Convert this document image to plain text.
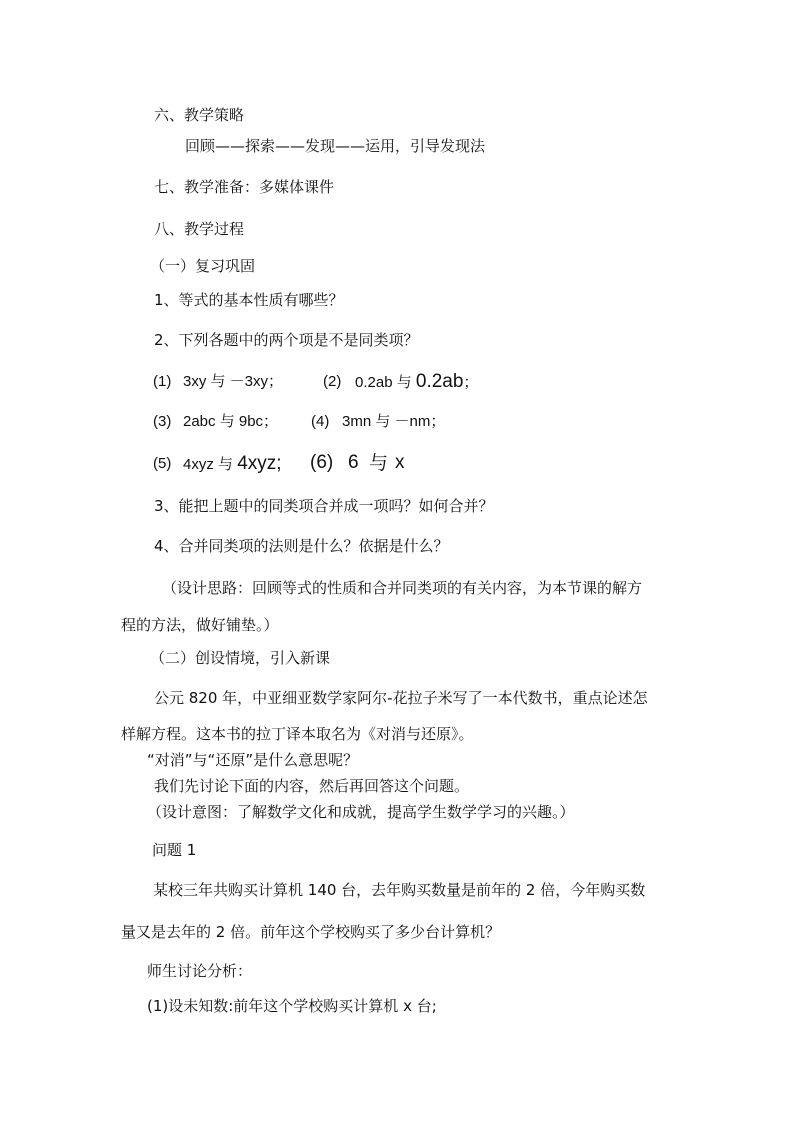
六、教学策略
回顾——探索——发现——运用，引导发现法
七、教学准备：多媒体课件
八、教学过程
（一）复习巩固
1、等式的基本性质有哪些？
2、下列各题中的两个项是不是同类项？
(1) 3xy 与 －3xy；	(2) 0.2ab 与 0.2ab；
(3) 2abc 与 9bc； (4) 3mn 与 －nm；
(5) 4xyz 与 4xyz; (6) 6 与 x
3、能把上题中的同类项合并成一项吗？如何合并？
4、合并同类项的法则是什么？依据是什么？
（设计思路：回顾等式的性质和合并同类项的有关内容，为本节课的解方
程的方法，做好铺垫。）
（二）创设情境，引入新课
公元 820 年，中亚细亚数学家阿尔-花拉子米写了一本代数书，重点论述怎
样解方程。这本书的拉丁译本取名为《对消与还原》。
“对消”与“还原”是什么意思呢？
我们先讨论下面的内容，然后再回答这个问题。
（设计意图：了解数学文化和成就，提高学生数学学习的兴趣。）
问题 1
某校三年共购买计算机 140 台，去年购买数量是前年的 2 倍，今年购买数
量又是去年的 2 倍。前年这个学校购买了多少台计算机？
师生讨论分析：
(1)设未知数:前年这个学校购买计算机 x 台;
